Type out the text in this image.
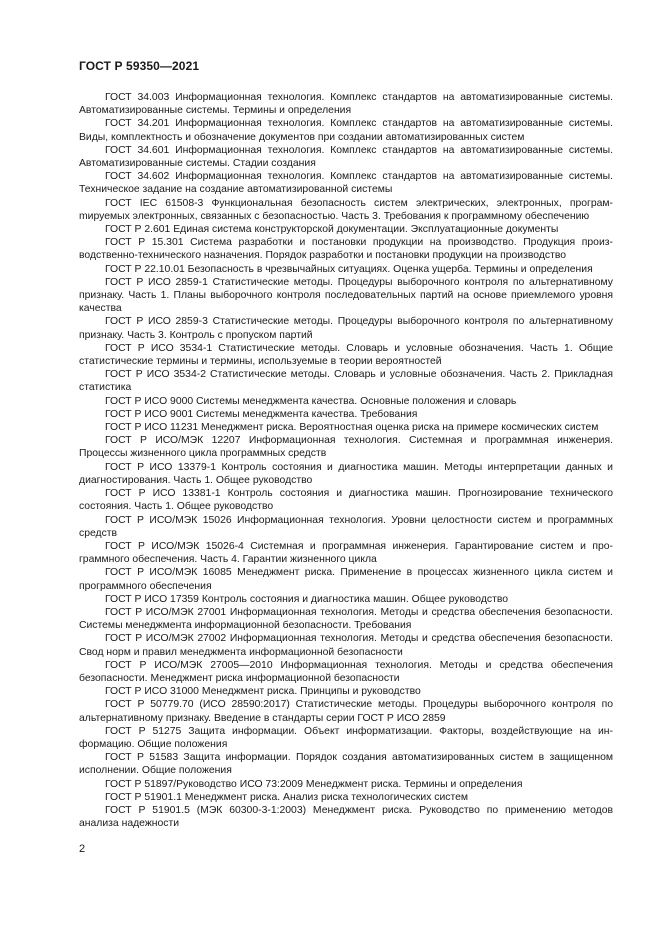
ГОСТ Р 59350—2021

ГОСТ 34.003 Информационная технология. Комплекс стандартов на автоматизированные системы. Автоматизированные системы. Термины и определения

ГОСТ 34.201 Информационная технология. Комплекс стандартов на автоматизированные системы. Виды, комплектность и обозначение документов при создании автоматизированных систем

ГОСТ 34.601 Информационная технология. Комплекс стандартов на автоматизированные системы. Автоматизированные системы. Стадии создания

ГОСТ 34.602 Информационная технология. Комплекс стандартов на автоматизированные системы. Техническое задание на создание автоматизированной системы

ГОСТ IEC 61508-3 Функциональная безопасность систем электрических, электронных, програмmируемых электронных, связанных с безопасностью. Часть 3. Требования к программному обеспечению

ГОСТ Р 2.601 Единая система конструкторской документации. Эксплуатационные документы

ГОСТ Р 15.301 Система разработки и постановки продукции на производство. Продукция производственно-технического назначения. Порядок разработки и постановки продукции на производство

ГОСТ Р 22.10.01 Безопасность в чрезвычайных ситуациях. Оценка ущерба. Термины и определения

ГОСТ Р ИСО 2859-1 Статистические методы. Процедуры выборочного контроля по альтернативному признаку. Часть 1. Планы выборочного контроля последовательных партий на основе приемлемого уровня качества

ГОСТ Р ИСО 2859-3 Статистические методы. Процедуры выборочного контроля по альтернативному признаку. Часть 3. Контроль с пропуском партий

ГОСТ Р ИСО 3534-1 Статистические методы. Словарь и условные обозначения. Часть 1. Общие статистические термины и термины, используемые в теории вероятностей

ГОСТ Р ИСО 3534-2 Статистические методы. Словарь и условные обозначения. Часть 2. Прикладная статистика

ГОСТ Р ИСО 9000 Системы менеджмента качества. Основные положения и словарь

ГОСТ Р ИСО 9001 Системы менеджмента качества. Требования

ГОСТ Р ИСО 11231 Менеджмент риска. Вероятностная оценка риска на примере космических систем

ГОСТ Р ИСО/МЭК 12207 Информационная технология. Системная и программная инженерия. Процессы жизненного цикла программных средств

ГОСТ Р ИСО 13379-1 Контроль состояния и диагностика машин. Методы интерпретации данных и диагностирования. Часть 1. Общее руководство

ГОСТ Р ИСО 13381-1 Контроль состояния и диагностика машин. Прогнозирование технического состояния. Часть 1. Общее руководство

ГОСТ Р ИСО/МЭК 15026 Информационная технология. Уровни целостности систем и программных средств

ГОСТ Р ИСО/МЭК 15026-4 Системная и программная инженерия. Гарантирование систем и программного обеспечения. Часть 4. Гарантии жизненного цикла

ГОСТ Р ИСО/МЭК 16085 Менеджмент риска. Применение в процессах жизненного цикла систем и программного обеспечения

ГОСТ Р ИСО 17359 Контроль состояния и диагностика машин. Общее руководство

ГОСТ Р ИСО/МЭК 27001 Информационная технология. Методы и средства обеспечения безопасности. Системы менеджмента информационной безопасности. Требования

ГОСТ Р ИСО/МЭК 27002 Информационная технология. Методы и средства обеспечения безопасности. Свод норм и правил менеджмента информационной безопасности

ГОСТ Р ИСО/МЭК 27005—2010 Информационная технология. Методы и средства обеспечения безопасности. Менеджмент риска информационной безопасности

ГОСТ Р ИСО 31000 Менеджмент риска. Принципы и руководство

ГОСТ Р 50779.70 (ИСО 28590:2017) Статистические методы. Процедуры выборочного контроля по альтернативному признаку. Введение в стандарты серии ГОСТ Р ИСО 2859

ГОСТ Р 51275 Защита информации. Объект информатизации. Факторы, воздействующие на информацию. Общие положения

ГОСТ Р 51583 Защита информации. Порядок создания автоматизированных систем в защищенном исполнении. Общие положения

ГОСТ Р 51897/Руководство ИСО 73:2009 Менеджмент риска. Термины и определения

ГОСТ Р 51901.1 Менеджмент риска. Анализ риска технологических систем

ГОСТ Р 51901.5 (МЭК 60300-3-1:2003) Менеджмент риска. Руководство по применению методов анализа надежности

2
